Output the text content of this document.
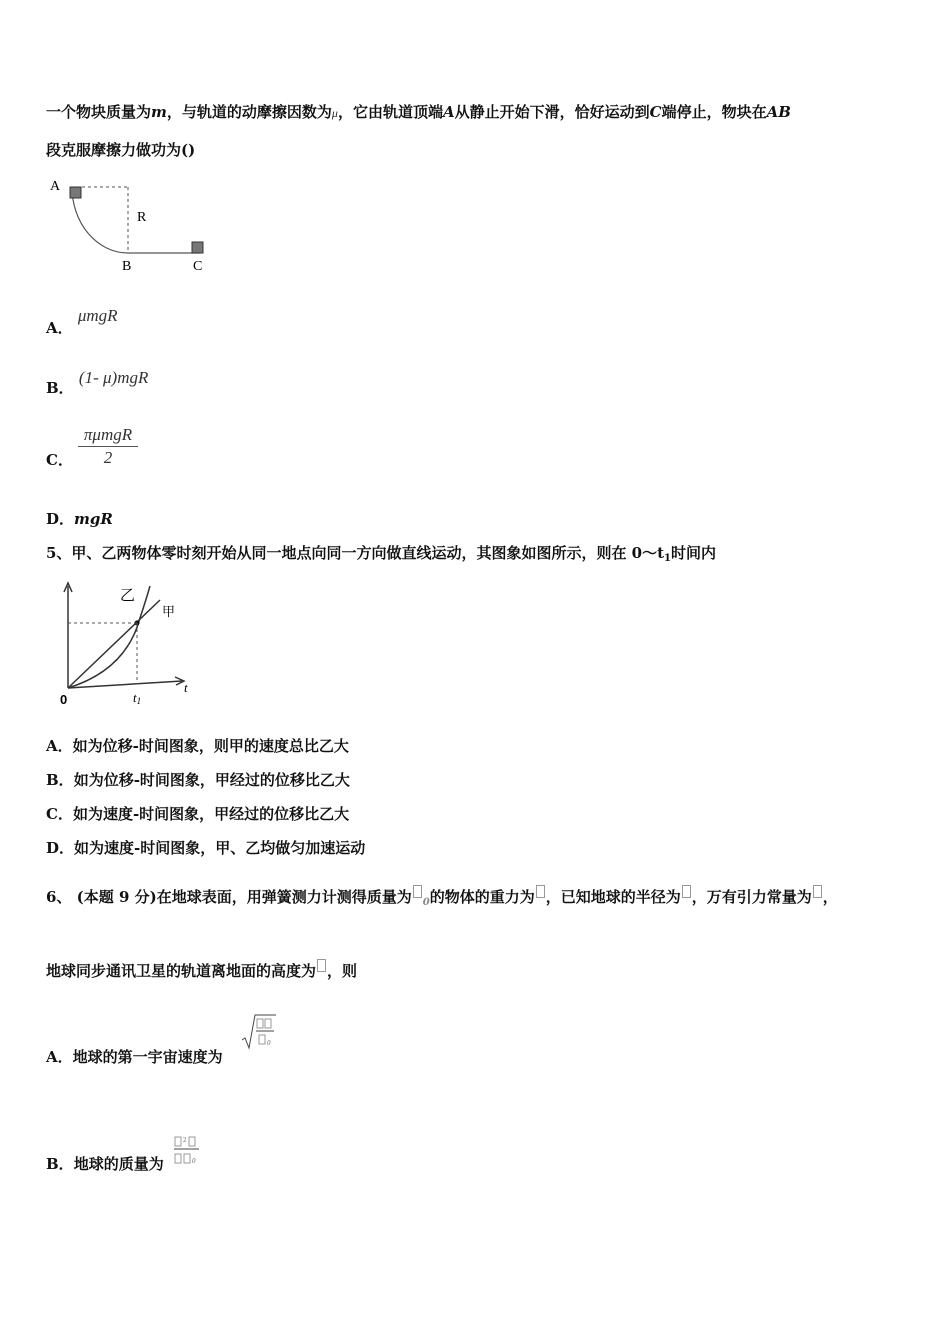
一个物块质量为m，与轨道的动摩擦因数为μ，它由轨道顶端A从静止开始下滑，恰好运动到C端停止，物块在AB
段克服摩擦力做功为()
A
R
B	C
A． μmgR
B． (1- μ)mgR
C．
πμmgR
2
D．mgR
5、甲、乙两物体零时刻开始从同一地点向同一方向做直线运动，其图象如图所示，则在 $0\sim t_1$时间内
乙
甲
0	t1
t
A．如为位移-时间图象，则甲的速度总比乙大
B．如为位移-时间图象，甲经过的位移比乙大
C．如为速度-时间图象，甲经过的位移比乙大
D．如为速度-时间图象，甲、乙均做匀加速运动
6、 (本题 9 分)在地球表面，用弹簧测力计测得质量为 $_0$的物体的重力为 ，已知地球的半径为 ，万有引力常量为 ，
地球同步通讯卫星的轨道离地面的高度为 ，则
A．地球的第一宇宙速度为
0
B．地球的质量为
2
0
